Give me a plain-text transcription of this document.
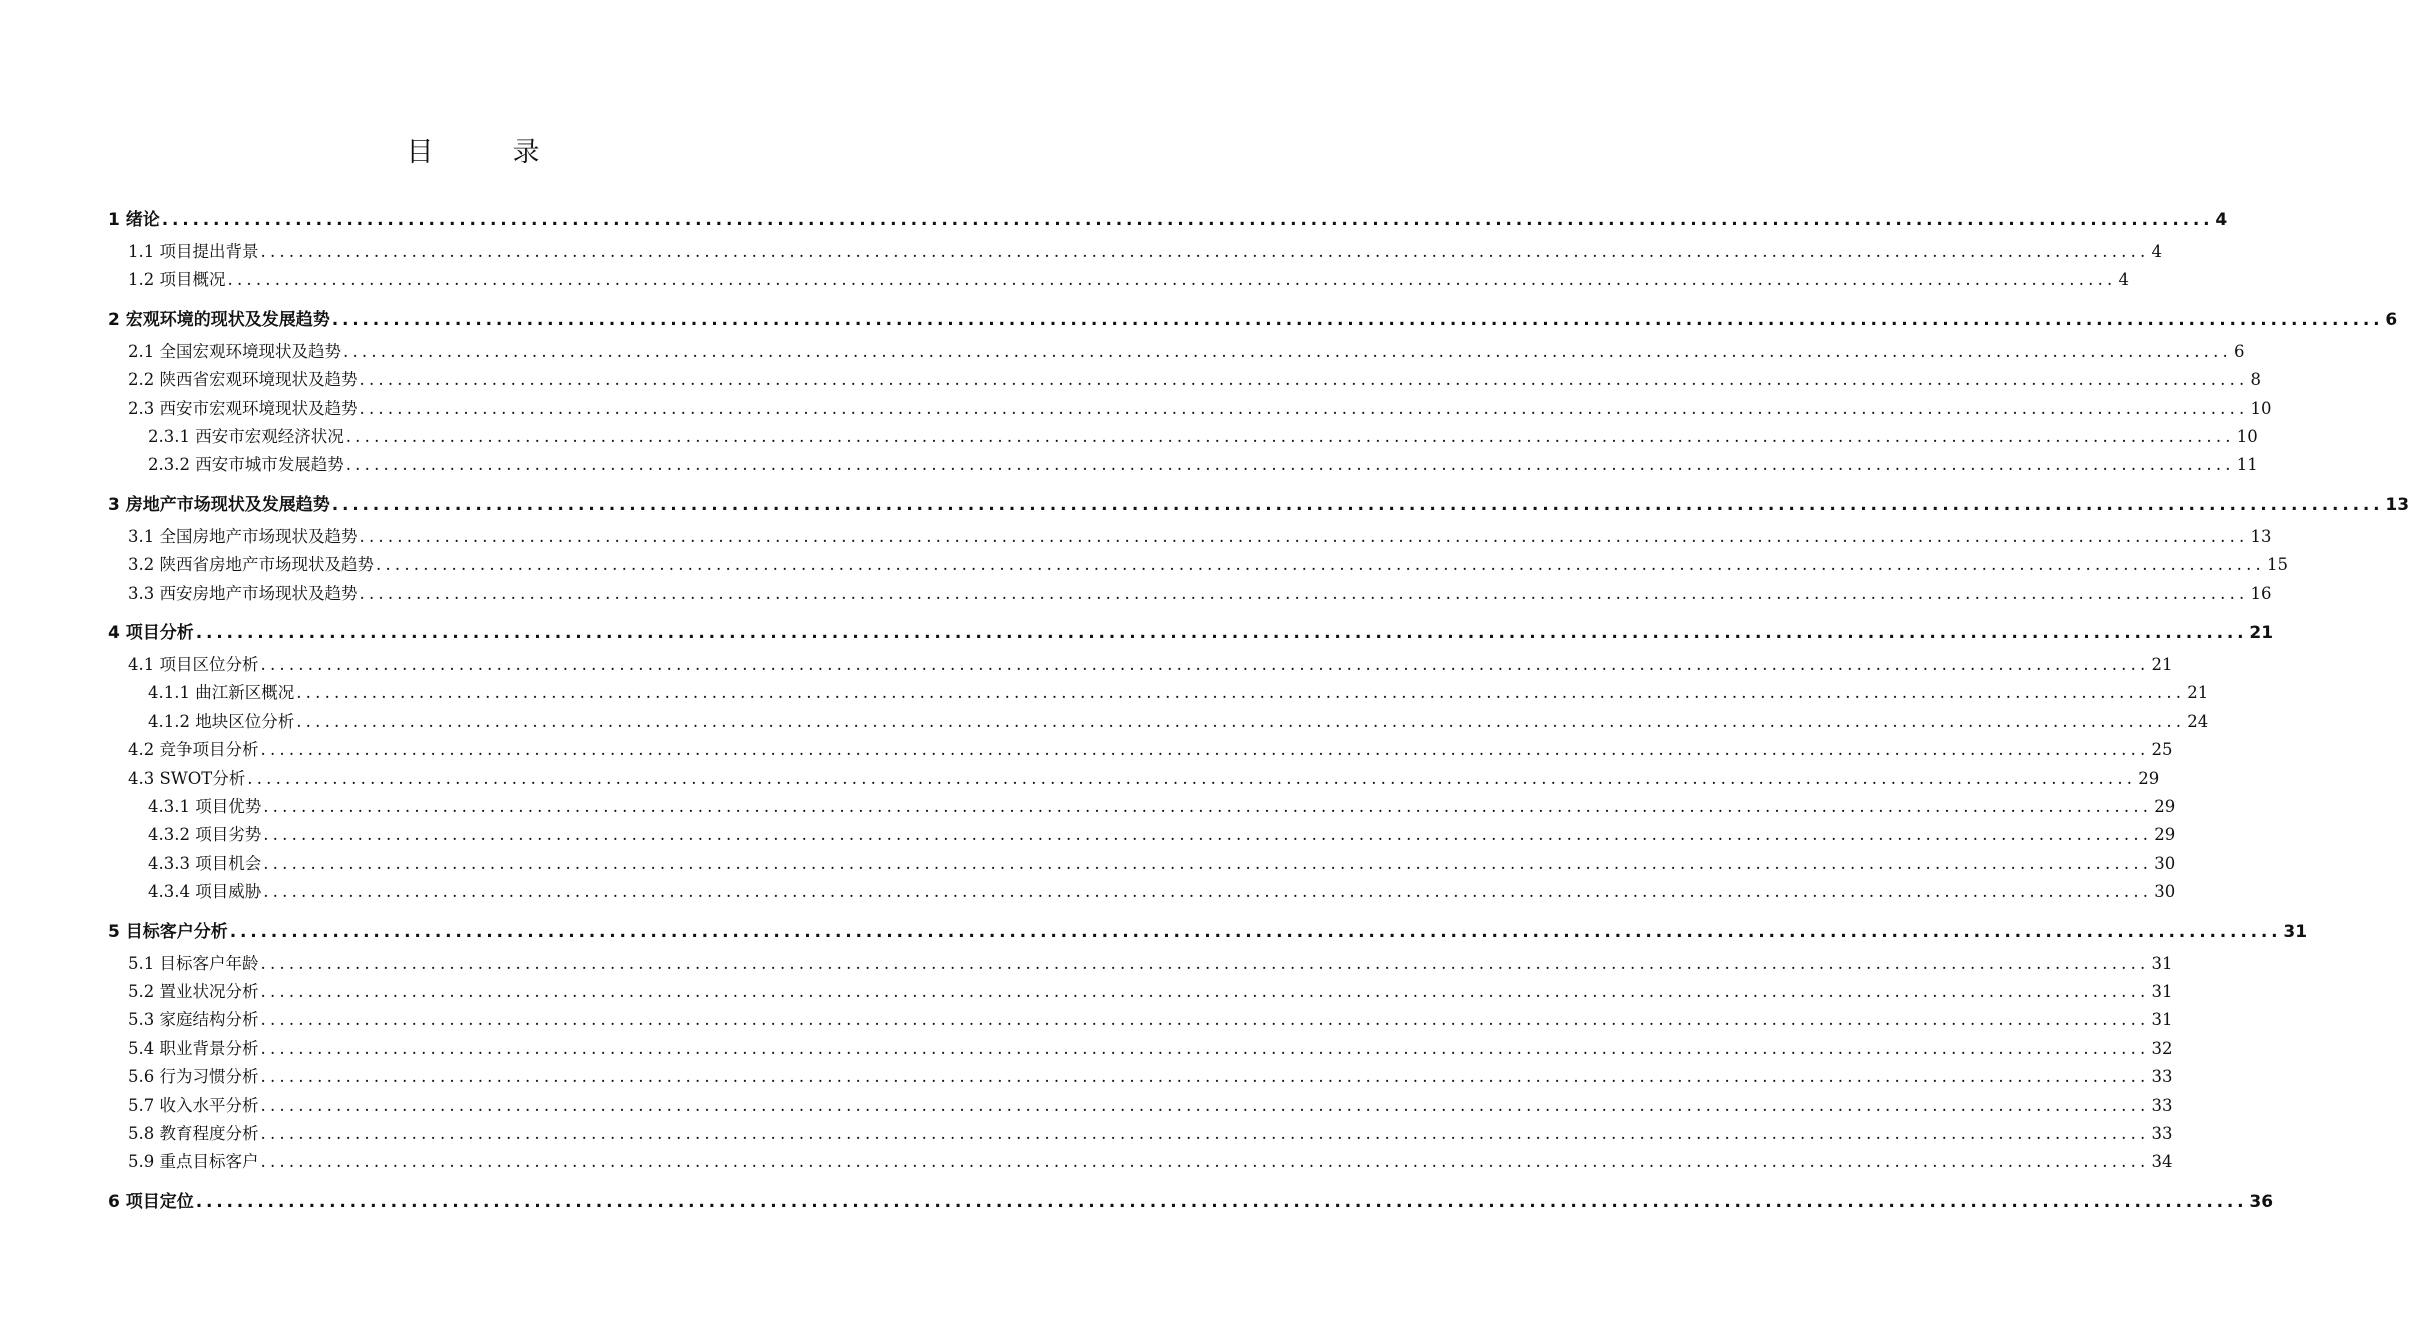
目　录
1 绪论 ........................................................................................................................................................................................................ 4
1.1 项目提出背景 ........................................................................................................................................................................................................ 4
1.2 项目概况 ........................................................................................................................................................................................................ 4
2 宏观环境的现状及发展趋势 ........................................................................................................................................................................................................ 6
2.1 全国宏观环境现状及趋势 ........................................................................................................................................................................................................ 6
2.2 陕西省宏观环境现状及趋势 ........................................................................................................................................................................................................ 8
2.3 西安市宏观环境现状及趋势 ........................................................................................................................................................................................................ 10
2.3.1 西安市宏观经济状况 ........................................................................................................................................................................................................ 10
2.3.2 西安市城市发展趋势 ........................................................................................................................................................................................................ 11
3 房地产市场现状及发展趋势 ........................................................................................................................................................................................................ 13
3.1 全国房地产市场现状及趋势 ........................................................................................................................................................................................................ 13
3.2 陕西省房地产市场现状及趋势 ........................................................................................................................................................................................................ 15
3.3 西安房地产市场现状及趋势 ........................................................................................................................................................................................................ 16
4 项目分析 ........................................................................................................................................................................................................ 21
4.1 项目区位分析 ........................................................................................................................................................................................................ 21
4.1.1 曲江新区概况 ........................................................................................................................................................................................................ 21
4.1.2 地块区位分析 ........................................................................................................................................................................................................ 24
4.2 竞争项目分析 ........................................................................................................................................................................................................ 25
4.3 SWOT分析 ........................................................................................................................................................................................................ 29
4.3.1 项目优势 ........................................................................................................................................................................................................ 29
4.3.2 项目劣势 ........................................................................................................................................................................................................ 29
4.3.3 项目机会 ........................................................................................................................................................................................................ 30
4.3.4 项目威胁 ........................................................................................................................................................................................................ 30
5 目标客户分析 ........................................................................................................................................................................................................ 31
5.1 目标客户年龄 ........................................................................................................................................................................................................ 31
5.2 置业状况分析 ........................................................................................................................................................................................................ 31
5.3 家庭结构分析 ........................................................................................................................................................................................................ 31
5.4 职业背景分析 ........................................................................................................................................................................................................ 32
5.6 行为习惯分析 ........................................................................................................................................................................................................ 33
5.7 收入水平分析 ........................................................................................................................................................................................................ 33
5.8 教育程度分析 ........................................................................................................................................................................................................ 33
5.9 重点目标客户 ........................................................................................................................................................................................................ 34
6 项目定位 ........................................................................................................................................................................................................ 36
